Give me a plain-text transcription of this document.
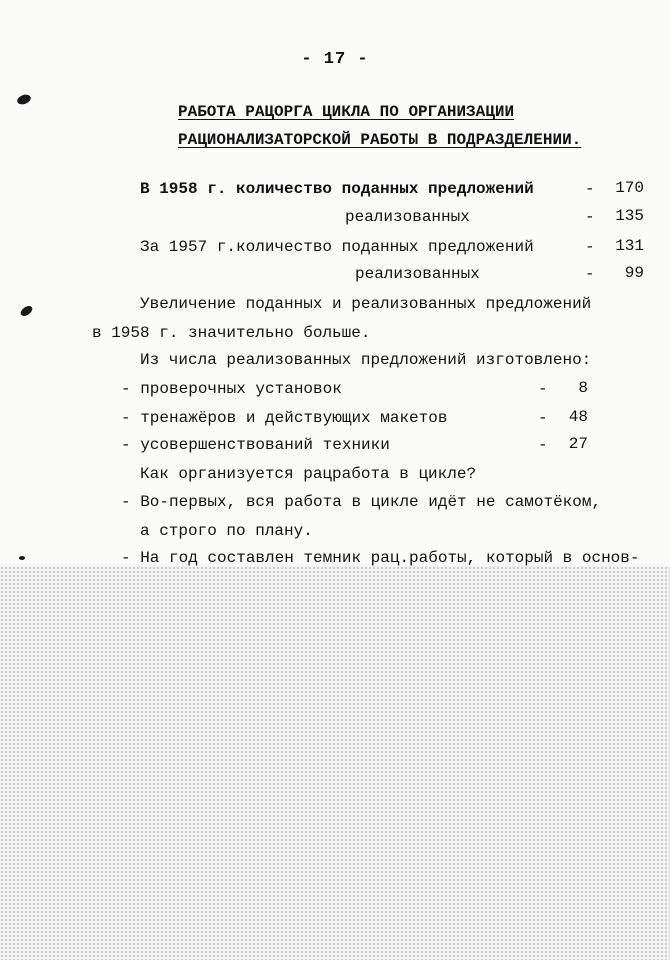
- 17 -
РАБОТА РАЦОРГА ЦИКЛА ПО ОРГАНИЗАЦИИ
РАЦИОНАЛИЗАТОРСКОЙ РАБОТЫ В ПОДРАЗДЕЛЕНИИ.
В 1958 г. количество поданных предложений	-	170
реализованных	-	135
За 1957 г.количество поданных предложений	-	131
реализованных	-	99
Увеличение поданных и реализованных предложений
в 1958 г. значительно больше.
Из числа реализованных предложений изготовлено:
- проверочных установок	-	8
- тренажёров и действующих макетов	-	48
- усовершенствований техники	-	27
Как организуется рацработа в цикле?
- Во-первых, вся работа в цикле идёт не самотёком,
а строго по плану.
- На год составлен темник рац.работы, который в основ-
